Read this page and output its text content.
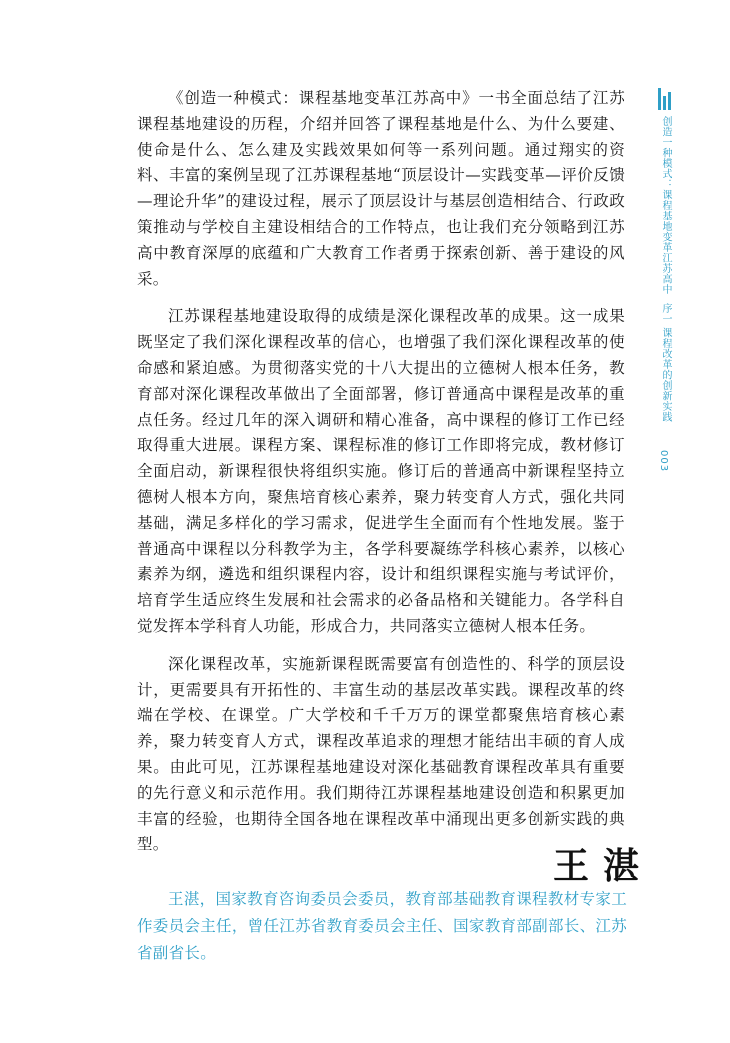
《创造一种模式：课程基地变革江苏高中》一书全面总结了江苏课程基地建设的历程，介绍并回答了课程基地是什么、为什么要建、使命是什么、怎么建及实践效果如何等一系列问题。通过翔实的资料、丰富的案例呈现了江苏课程基地“顶层设计—实践变革—评价反馈—理论升华”的建设过程，展示了顶层设计与基层创造相结合、行政政策推动与学校自主建设相结合的工作特点，也让我们充分领略到江苏高中教育深厚的底蕴和广大教育工作者勇于探索创新、善于建设的风采。

江苏课程基地建设取得的成绩是深化课程改革的成果。这一成果既坚定了我们深化课程改革的信心，也增强了我们深化课程改革的使命感和紧迫感。为贯彻落实党的十八大提出的立德树人根本任务，教育部对深化课程改革做出了全面部署，修订普通高中课程是改革的重点任务。经过几年的深入调研和精心准备，高中课程的修订工作已经取得重大进展。课程方案、课程标准的修订工作即将完成，教材修订全面启动，新课程很快将组织实施。修订后的普通高中新课程坚持立德树人根本方向，聚焦培育核心素养，聚力转变育人方式，强化共同基础，满足多样化的学习需求，促进学生全面而有个性地发展。鉴于普通高中课程以分科教学为主，各学科要凝练学科核心素养，以核心素养为纲，遴选和组织课程内容，设计和组织课程实施与考试评价，培育学生适应终生发展和社会需求的必备品格和关键能力。各学科自觉发挥本学科育人功能，形成合力，共同落实立德树人根本任务。

深化课程改革，实施新课程既需要富有创造性的、科学的顶层设计，更需要具有开拓性的、丰富生动的基层改革实践。课程改革的终端在学校、在课堂。广大学校和千千万万的课堂都聚焦培育核心素养，聚力转变育人方式，课程改革追求的理想才能结出丰硕的育人成果。由此可见，江苏课程基地建设对深化基础教育课程改革具有重要的先行意义和示范作用。我们期待江苏课程基地建设创造和积累更加丰富的经验，也期待全国各地在课程改革中涌现出更多创新实践的典型。

王湛
王湛，国家教育咨询委员会委员，教育部基础教育课程教材专家工作委员会主任，曾任江苏省教育委员会主任、国家教育部副部长、江苏省副省长。
创造一种模式：课程基地变革江苏高中
序一 课程改革的创新实践
003
